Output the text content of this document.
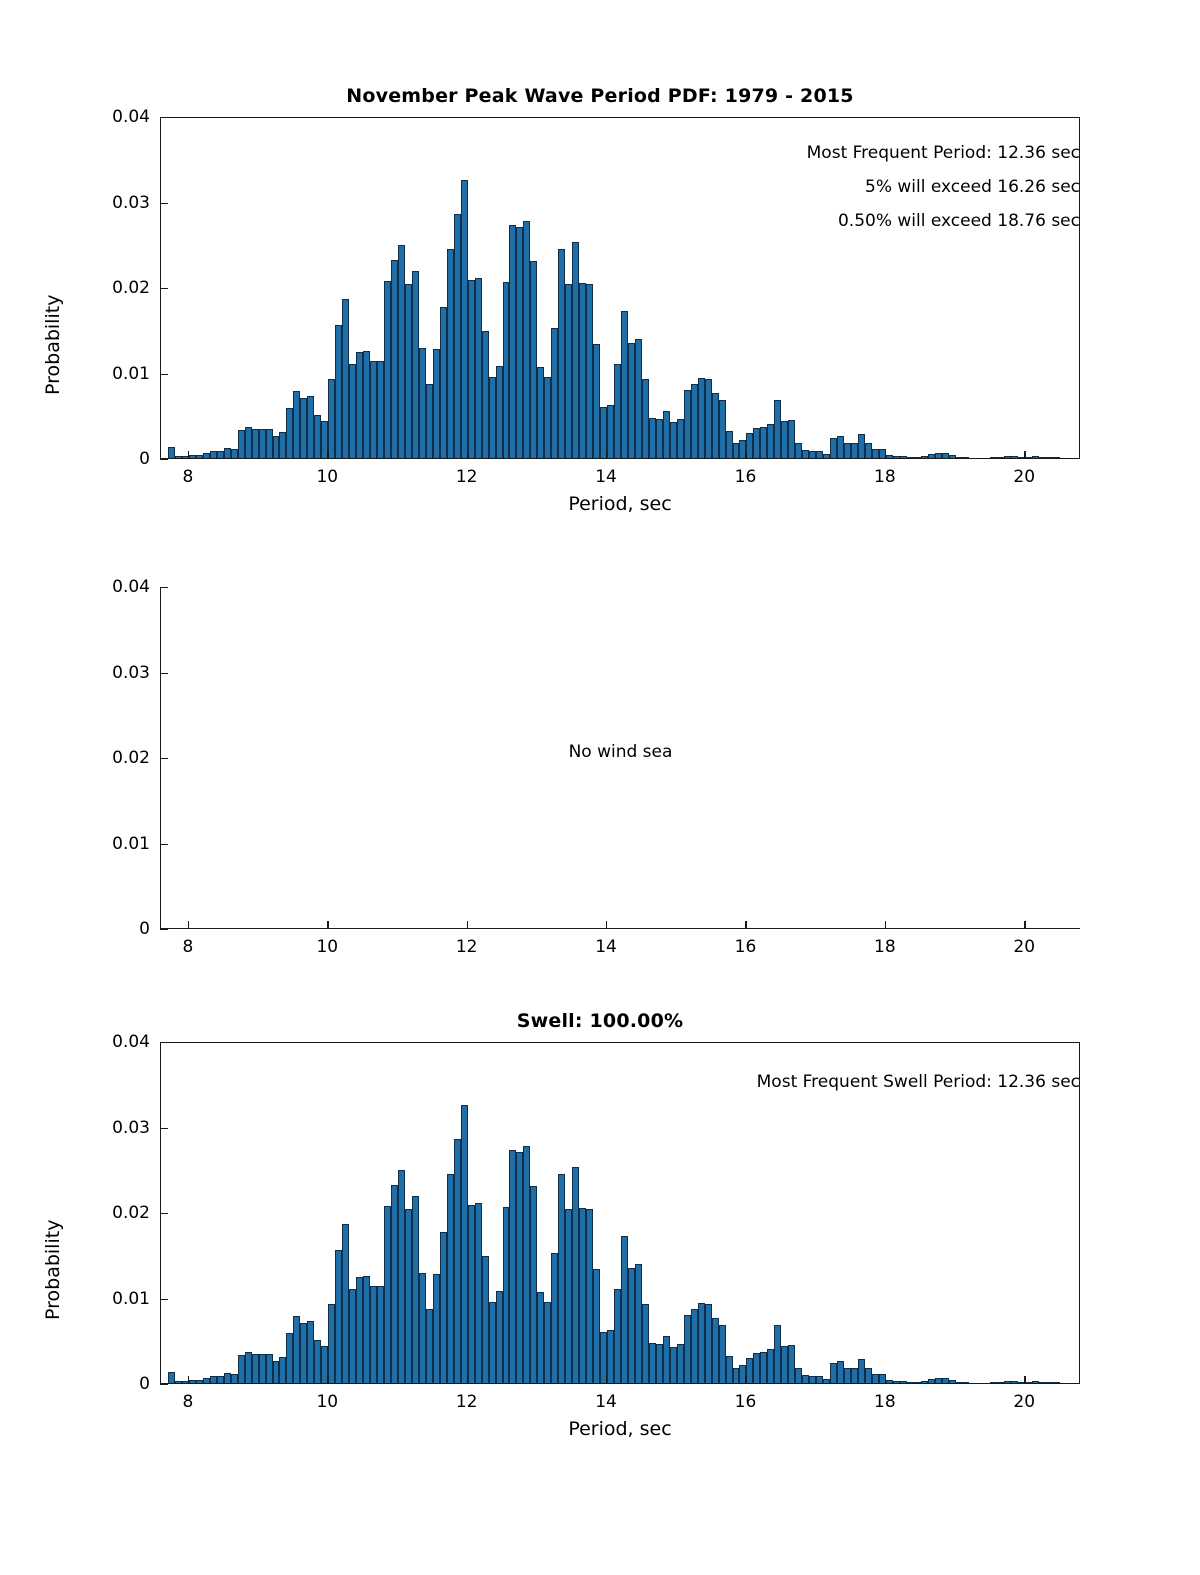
November Peak Wave Period PDF: 1979 - 2015
0.04
0.03
0.02
0.01
0
8	10	12	14	16	18	20
Probability
Period, sec
Most Frequent Period: 12.36 sec
5% will exceed 16.26 sec
0.50% will exceed 18.76 sec
No wind sea
0.04
0.03
0.02
0.01
0
8	10	12	14	16	18	20
Swell: 100.00%
0.04
0.03
0.02
0.01
0
8	10	12	14	16	18	20
Probability
Period, sec
Most Frequent Swell Period: 12.36 sec
